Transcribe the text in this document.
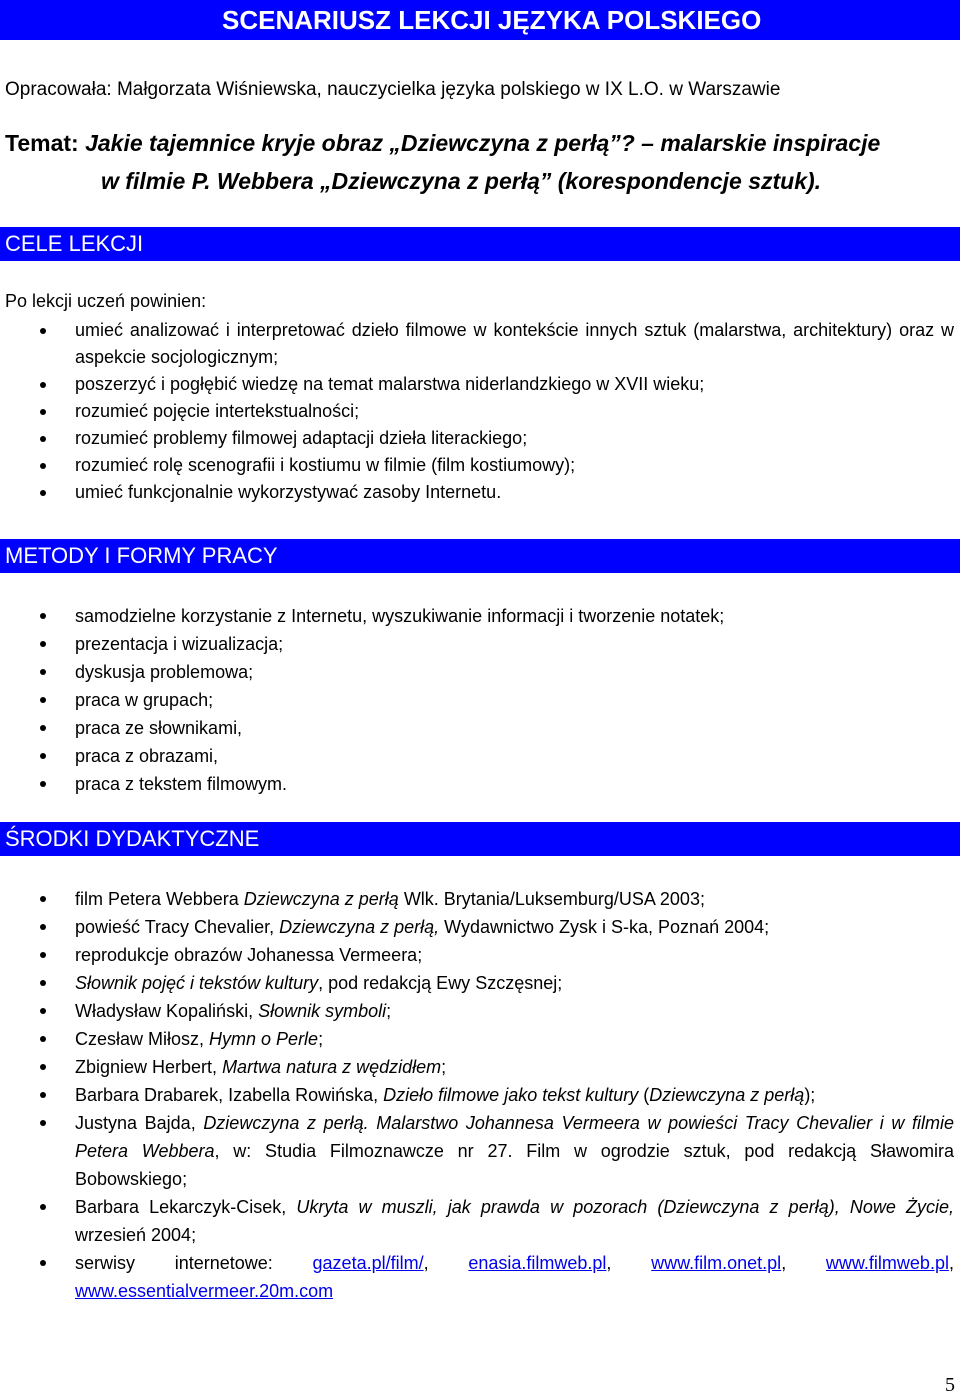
SCENARIUSZ LEKCJI JĘZYKA POLSKIEGO
Opracowała: Małgorzata Wiśniewska, nauczycielka języka polskiego w IX L.O. w Warszawie
Temat: Jakie tajemnice kryje obraz „Dziewczyna z perłą”? – malarskie inspiracje
w filmie P. Webbera „Dziewczyna z perłą” (korespondencje sztuk).
CELE LEKCJI
Po lekcji uczeń powinien:
umieć analizować i interpretować dzieło filmowe w kontekście innych sztuk (malarstwa, architektury) oraz w aspekcie socjologicznym;
poszerzyć i pogłębić wiedzę na temat malarstwa niderlandzkiego w XVII wieku;
rozumieć pojęcie intertekstualności;
rozumieć problemy filmowej adaptacji dzieła literackiego;
rozumieć rolę scenografii i kostiumu w filmie (film kostiumowy);
umieć funkcjonalnie wykorzystywać zasoby Internetu.
METODY I FORMY PRACY
samodzielne korzystanie z Internetu, wyszukiwanie informacji i tworzenie notatek;
prezentacja i wizualizacja;
dyskusja problemowa;
praca w grupach;
praca ze słownikami,
praca z obrazami,
praca z tekstem filmowym.
ŚRODKI DYDAKTYCZNE
film Petera Webbera Dziewczyna z perłą Wlk. Brytania/Luksemburg/USA 2003;
powieść Tracy Chevalier, Dziewczyna z perłą, Wydawnictwo Zysk i S-ka, Poznań 2004;
reprodukcje obrazów Johanessa Vermeera;
Słownik pojęć i tekstów kultury, pod redakcją Ewy Szczęsnej;
Władysław Kopaliński, Słownik symboli;
Czesław Miłosz, Hymn o Perle;
Zbigniew Herbert, Martwa natura z wędzidłem;
Barbara Drabarek, Izabella Rowińska, Dzieło filmowe jako tekst kultury (Dziewczyna z perłą);
Justyna Bajda, Dziewczyna z perłą. Malarstwo Johannesa Vermeera w powieści Tracy Chevalier i w filmie Petera Webbera, w: Studia Filmoznawcze nr 27. Film w ogrodzie sztuk, pod redakcją Sławomira Bobowskiego;
Barbara Lekarczyk-Cisek, Ukryta w muszli, jak prawda w pozorach (Dziewczyna z perłą), Nowe Życie, wrzesień 2004;
serwisy internetowe: gazeta.pl/film/, enasia.filmweb.pl, www.film.onet.pl, www.filmweb.pl, www.essentialvermeer.20m.com
5
